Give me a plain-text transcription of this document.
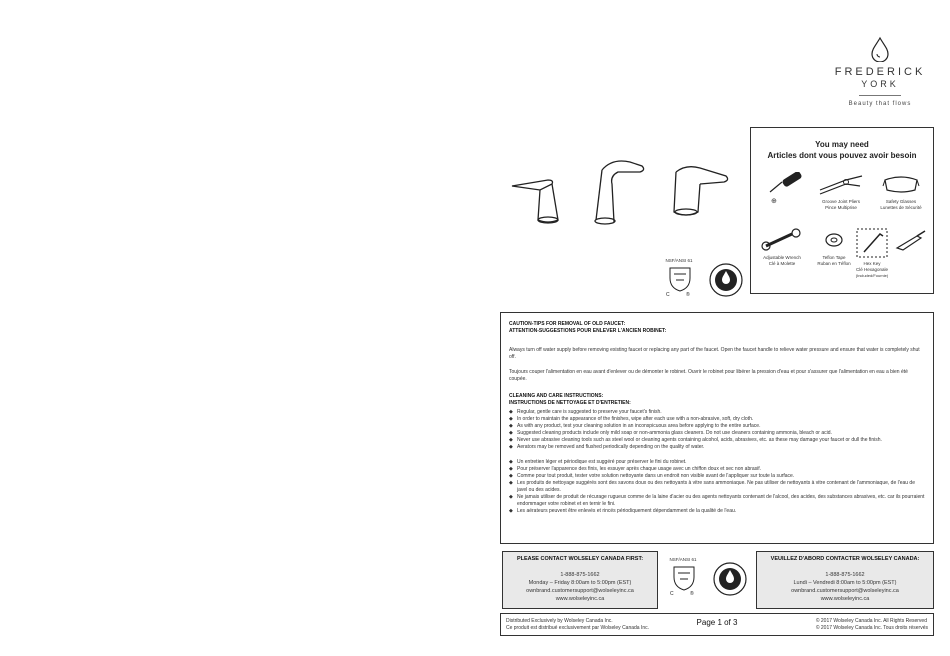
FREDERICK
YORK
Beauty that flows
NSF/ANSI 61
C	®
You may need
Articles dont vous pouvez avoir besoin
⊕	Groove Joint Pliers
Pince Multiprise
Safety Glasses
Lunettes de Sécurité
Adjustable Wrench
Clé à Molette
Teflon Tape
Ruban en Téflon	Hex Key
Clé Hexagonale
(Included/Fournie)
CAUTION-TIPS FOR REMOVAL OF OLD FAUCET:
ATTENTION-SUGGESTIONS POUR ENLEVER L'ANCIEN ROBINET:
Always turn off water supply before removing existing faucet or replacing any part of the faucet. Open the faucet handle to relieve water pressure and ensure that water is completely shut off.
Toujours couper l'alimentation en eau avant d'enlever ou de démonter le robinet. Ouvrir le robinet pour libérer la pression d'eau et pour s'assurer que l'alimentation en eau a bien été coupée.
CLEANING AND CARE INSTRUCTIONS:
INSTRUCTIONS DE NETTOYAGE ET D'ENTRETIEN:
◆ Regular, gentle care is suggested to preserve your faucet's finish.
◆ In order to maintain the appearance of the finishes, wipe after each use with a non-abrasive, soft, dry cloth.
◆ As with any product, test your cleaning solution in an inconspicuous area before applying to the entire surface.
◆ Suggested cleaning products include only mild soap or non-ammonia glass cleaners. Do not use cleaners containing ammonia, bleach or acid.
◆ Never use abrasive cleaning tools such as steel wool or cleaning agents containing alcohol, acids, abrasives, etc. as these may damage your faucet or dull the finish.
◆ Aerators may be removed and flushed periodically depending on the quality of water.
◆ Un entretien léger et périodique est suggéré pour préserver le fini du robinet.
◆ Pour préserver l'apparence des finis, les essuyer après chaque usage avec un chiffon doux et sec non abrasif.
◆ Comme pour tout produit, tester votre solution nettoyante dans un endroit non visible avant de l'appliquer sur toute la surface.
◆ Les produits de nettoyage suggérés sont des savons doux ou des nettoyants à vitre sans ammoniaque. Ne pas utiliser de nettoyants à vitre contenant de l'ammoniaque, de l'eau de javel ou des acides.
◆ Ne jamais utiliser de produit de récurage rugueux comme de la laine d'acier ou des agents nettoyants contenant de l'alcool, des acides, des substances abrasives, etc. car ils pourraient endommager votre robinet et en ternir le fini.
◆ Les aérateurs peuvent être enlevés et rincés périodiquement dépendamment de la qualité de l'eau.
PLEASE CONTACT WOLSELEY CANADA FIRST:
1-888-875-1662
Monday – Friday 8:00am to 5:00pm (EST)
ownbrand.customersupport@wolseleyinc.ca
www.wolseleyinc.ca
NSF/ANSI 61
C	®
VEUILLEZ D'ABORD CONTACTER WOLSELEY CANADA:
1-888-875-1662
Lundi – Vendredi 8:00am to 5:00pm (EST)
ownbrand.customersupport@wolseleyinc.ca
www.wolseleyinc.ca
Distributed Exclusively by Wolseley Canada Inc.
Ce produit est distribué exclusivement par Wolseley Canada Inc.
Page 1 of 3	© 2017 Wolseley Canada Inc. All Rights Reserved
© 2017 Wolseley Canada Inc. Tous droits réservés
